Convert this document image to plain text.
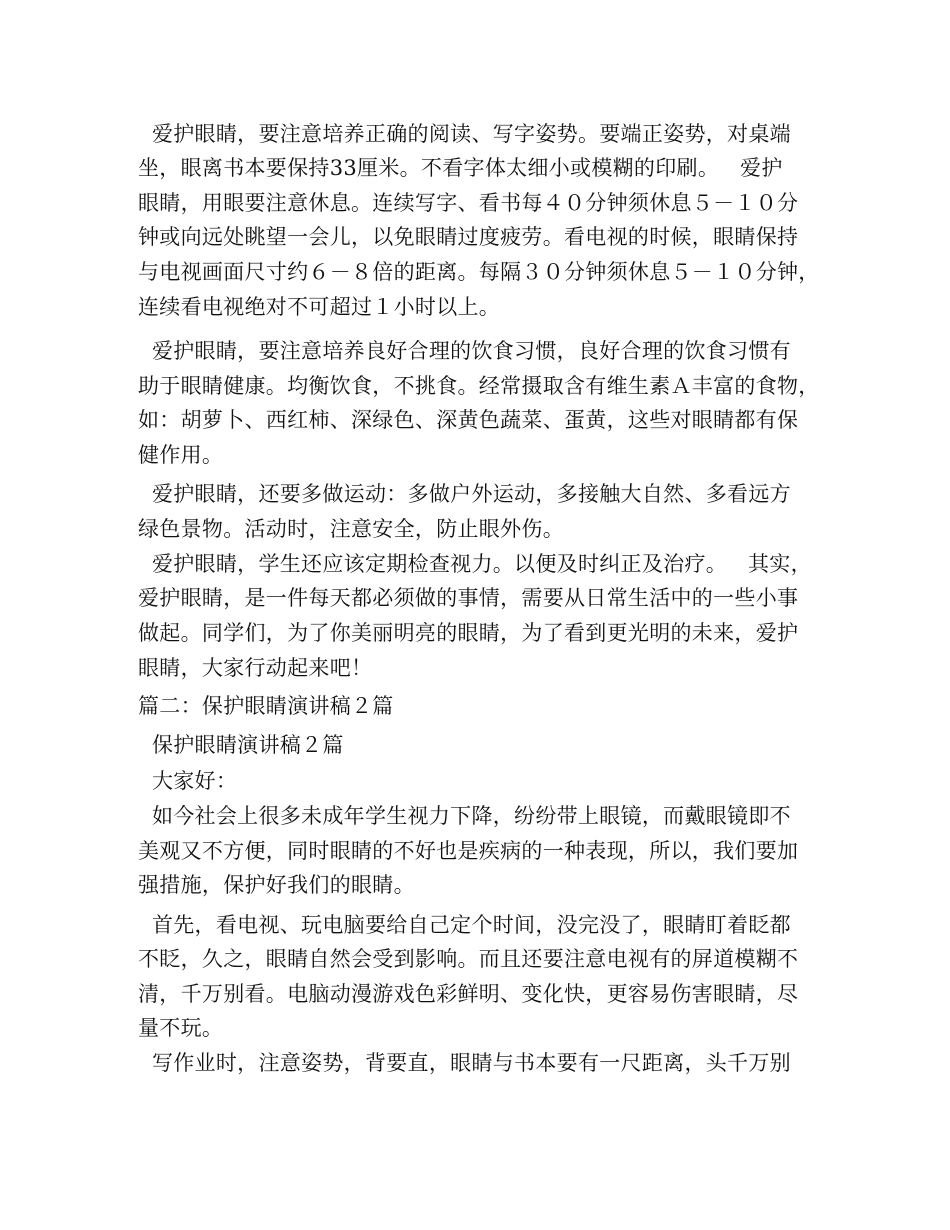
爱护眼睛，要注意培养正确的阅读、写字姿势。要端正姿势，对桌端
坐，眼离书本要保持33厘米。不看字体太细小或模糊的印刷。   爱护
眼睛，用眼要注意休息。连续写字、看书每４０分钟须休息５－１０分
钟或向远处眺望一会儿，以免眼睛过度疲劳。看电视的时候，眼睛保持
与电视画面尺寸约６－８倍的距离。每隔３０分钟须休息５－１０分钟，
连续看电视绝对不可超过１小时以上。
爱护眼睛，要注意培养良好合理的饮食习惯，良好合理的饮食习惯有
助于眼睛健康。均衡饮食，不挑食。经常摄取含有维生素Ａ丰富的食物，
如：胡萝卜、西红柿、深绿色、深黄色蔬菜、蛋黄，这些对眼睛都有保
健作用。
爱护眼睛，还要多做运动：多做户外运动，多接触大自然、多看远方
绿色景物。活动时，注意安全，防止眼外伤。
爱护眼睛，学生还应该定期检查视力。以便及时纠正及治疗。   其实，
爱护眼睛，是一件每天都必须做的事情，需要从日常生活中的一些小事
做起。同学们，为了你美丽明亮的眼睛，为了看到更光明的未来，爱护
眼睛，大家行动起来吧！
篇二：保护眼睛演讲稿２篇
保护眼睛演讲稿２篇
大家好：
如今社会上很多未成年学生视力下降，纷纷带上眼镜，而戴眼镜即不
美观又不方便，同时眼睛的不好也是疾病的一种表现，所以，我们要加
强措施，保护好我们的眼睛。
首先，看电视、玩电脑要给自己定个时间，没完没了，眼睛盯着眨都
不眨，久之，眼睛自然会受到影响。而且还要注意电视有的屏道模糊不
清，千万别看。电脑动漫游戏色彩鲜明、变化快，更容易伤害眼睛，尽
量不玩。
写作业时，注意姿势，背要直，眼睛与书本要有一尺距离，头千万别
